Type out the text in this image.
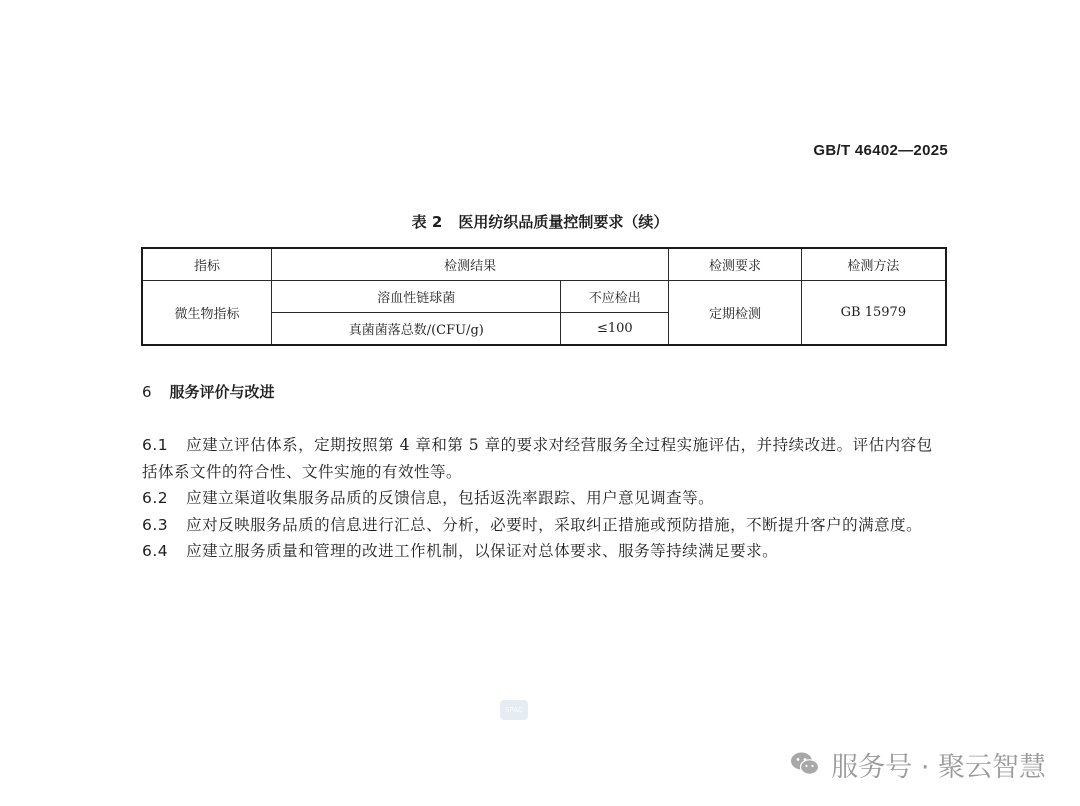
GB/T 46402—2025
表 2 医用纺织品质量控制要求（续）
指标	检测结果		检测要求	检测方法
微生物指标	溶血性链球菌	不应检出	定期检测	GB 15979
	真菌菌落总数/(CFU/g)	≤100		
6 服务评价与改进

6.1 应建立评估体系，定期按照第 4 章和第 5 章的要求对经营服务全过程实施评估，并持续改进。评估内容包括体系文件的符合性、文件实施的有效性等。

6.2 应建立渠道收集服务品质的反馈信息，包括返洗率跟踪、用户意见调查等。

6.3 应对反映服务品质的信息进行汇总、分析，必要时，采取纠正措施或预防措施，不断提升客户的满意度。

6.4 应建立服务质量和管理的改进工作机制，以保证对总体要求、服务等持续满足要求。

SPAC
服务号 · 聚云智慧
